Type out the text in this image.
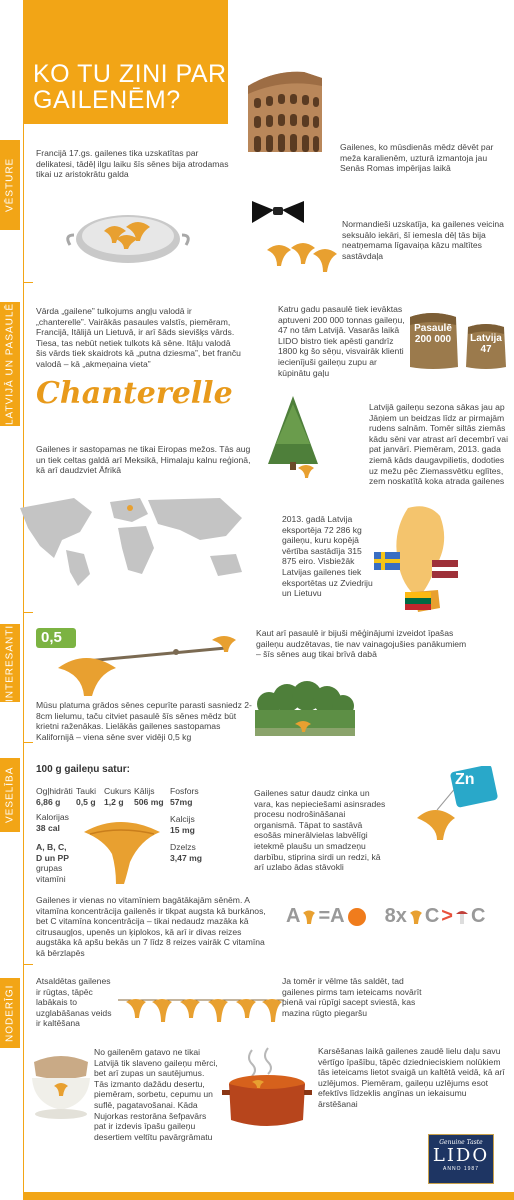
KO TU ZINI PAR
GAILENĒM?
VĒSTURE
LATVIJĀ UN PASAULĒ
INTERESANTI
VESELĪBA
NODERĪGI
Gailenes, ko mūsdienās mēdz dēvēt par meža karalienēm, uzturā izmantoja jau Senās Romas impērijas laikā
Francijā 17.gs. gailenes tika uzskatītas par delikatesi, tādēļ ilgu laiku šīs sēnes bija atrodamas tikai uz aristokrātu galda
Normandieši uzskatīja, ka gailenes veicina seksuālo iekāri, šī iemesla dēļ tās bija neatņemama līgavaiņa kāzu maltītes sastāvdaļa
Vārda „gailene” tulkojums angļu valodā ir „chanterelle”. Vairākās pasaules valstīs, piemēram, Francijā, Itālijā un Lietuvā, ir arī šāds sievišķs vārds. Tiesa, tas nebūt netiek tulkots kā sēne. Itāļu valodā šis vārds tiek skaidrots kā „putna dziesma”, bet franču valodā – kā „akmeņaina vieta”
Chanterelle
Katru gadu pasaulē tiek ievāktas aptuveni 200 000 tonnas gaileņu, 47 no tām Latvijā. Vasarās laikā LIDO bistro tiek apēsti gandrīz 1800 kg šo sēņu, visvairāk klienti iecienījuši gaileņu zupu ar kūpinātu gaļu
Pasaulē
200 000	Latvija
47
Latvijā gaileņu sezona sākas jau ap Jāņiem un beidzas līdz ar pirmajām rudens salnām. Tomēr siltās ziemās kādu sēni var atrast arī decembrī vai pat janvārī. Piemēram, 2013. gada ziemā kāds daugavpilietis, dodoties uz mežu pēc Ziemassvētku eglītes, zem noskatītā koka atrada gailenes
Gailenes ir sastopamas ne tikai Eiropas mežos. Tās aug un tiek celtas galdā arī Meksikā, Himalaju kalnu reģionā, kā arī daudzviet Āfrikā
2013. gadā Latvija eksportēja 72 286 kg gaileņu, kuru kopējā vērtība sastādīja 315 875 eiro. Visbiežāk Latvijas gailenes tiek eksportētas uz Zviedriju un Lietuvu
0,5 kg
Kaut arī pasaulē ir bijuši mēģinājumi izveidot īpašas gaileņu audzētavas, tie nav vainagojušies panākumiem – šīs sēnes aug tikai brīvā dabā
Mūsu platuma grādos sēnes cepurīte parasti sasniedz 2-8cm lielumu, taču citviet pasaulē šīs sēnes mēdz būt krietni raženākas. Lielākās gailenes sastopamas Kalifornijā – viena sēne sver vidēji 0,5 kg
100 g gaileņu satur:
Ogļhidrāti
6,86 g
Tauki
0,5 g
Cukurs
1,2 g
Kālijs
506 mg
Fosfors
57mg
Kalorijas
38 cal
Kalcijs
15 mg
A, B, C,
D un PP
grupas
vitamīni
Dzelzs
3,47 mg
Gailenes satur daudz cinka un vara, kas nepieciešami asinsrades procesu nodrošināšanai organismā. Tāpat to sastāvā esošās minerālvielas labvēlīgi ietekmē plaušu un smadzeņu darbību, stiprina sirdi un redzi, kā arī uzlabo ādas stāvokli
Zn
Gailenes ir vienas no vitamīniem bagātākajām sēnēm. A vitamīna koncentrācija gailenēs ir tikpat augsta kā burkānos, bet C vitamīna koncentrācija – tikai nedaudz mazāka kā citrusaugļos, upenēs un ķiplokos, kā arī ir divas reizes augstāka kā apšu bekās un 7 līdz 8 reizes vairāk C vitamīna kā bērzlapēs
A =A 8x C > C
Atsaldētas gailenes ir rūgtas, tāpēc labākais to uzglabāšanas veids ir kaltēšana
Ja tomēr ir vēlme tās saldēt, tad gailenes pirms tam ieteicams novārīt pienā vai rūpīgi sacept sviestā, kas mazina rūgto piegaršu
No gailenēm gatavo ne tikai Latvijā tik slaveno gaileņu mērci, bet arī zupas un sautējumus. Tās izmanto dažādu desertu, piemēram, sorbetu, cepumu un suflē, pagatavošanai. Kāda Nujorkas restorāna šefpavārs pat ir izdevis īpašu gaileņu desertiem veltītu pavārgrāmatu
Karsēšanas laikā gailenes zaudē lielu daļu savu vērtīgo īpašību, tāpēc dziednieciskiem nolūkiem tās ieteicams lietot svaigā un kaltētā veidā, kā arī uzlējumos. Piemēram, gaileņu uzlējums esot efektīvs līdzeklis angīnas un iekaisumu ārstēšanai
Genuine Taste
LIDO
ANNO 1987
